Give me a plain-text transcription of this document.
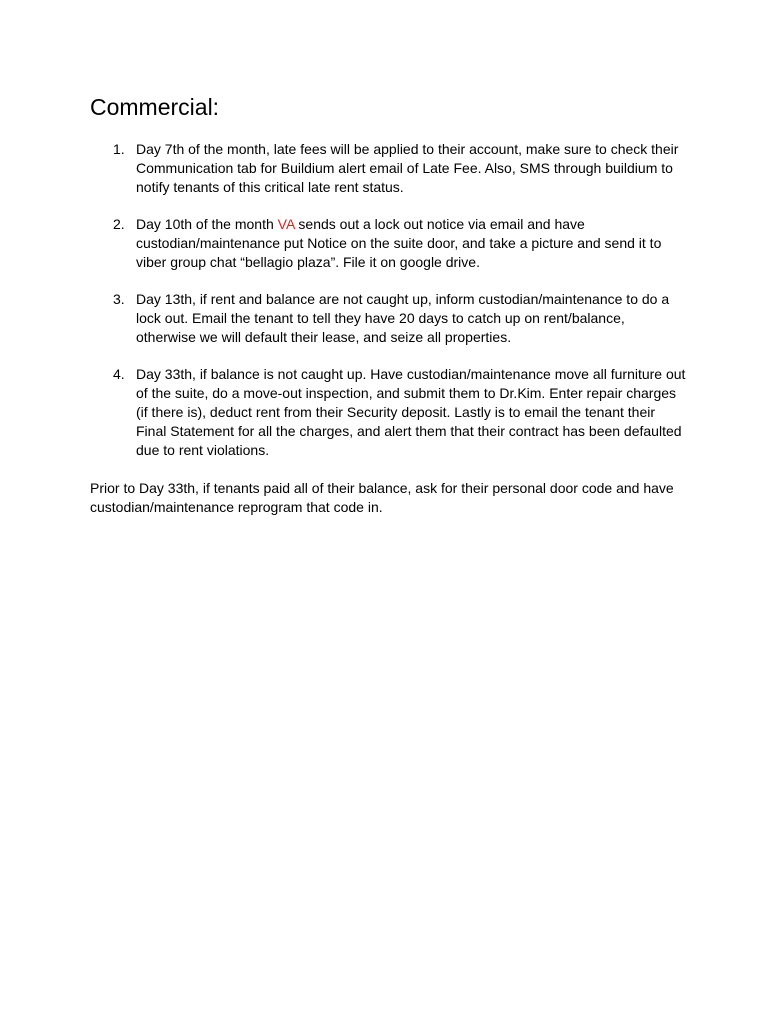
Commercial:
1. Day 7th of the month, late fees will be applied to their account, make sure to check their Communication tab for Buildium alert email of Late Fee. Also, SMS through buildium to notify tenants of this critical late rent status.
2. Day 10th of the month VA sends out a lock out notice via email and have custodian/maintenance put Notice on the suite door, and take a picture and send it to viber group chat “bellagio plaza”. File it on google drive.
3. Day 13th, if rent and balance are not caught up, inform custodian/maintenance to do a lock out. Email the tenant to tell they have 20 days to catch up on rent/balance, otherwise we will default their lease, and seize all properties.
4. Day 33th, if balance is not caught up. Have custodian/maintenance move all furniture out of the suite, do a move-out inspection, and submit them to Dr.Kim. Enter repair charges (if there is), deduct rent from their Security deposit. Lastly is to email the tenant their Final Statement for all the charges, and alert them that their contract has been defaulted due to rent violations.

Prior to Day 33th, if tenants paid all of their balance, ask for their personal door code and have custodian/maintenance reprogram that code in.
